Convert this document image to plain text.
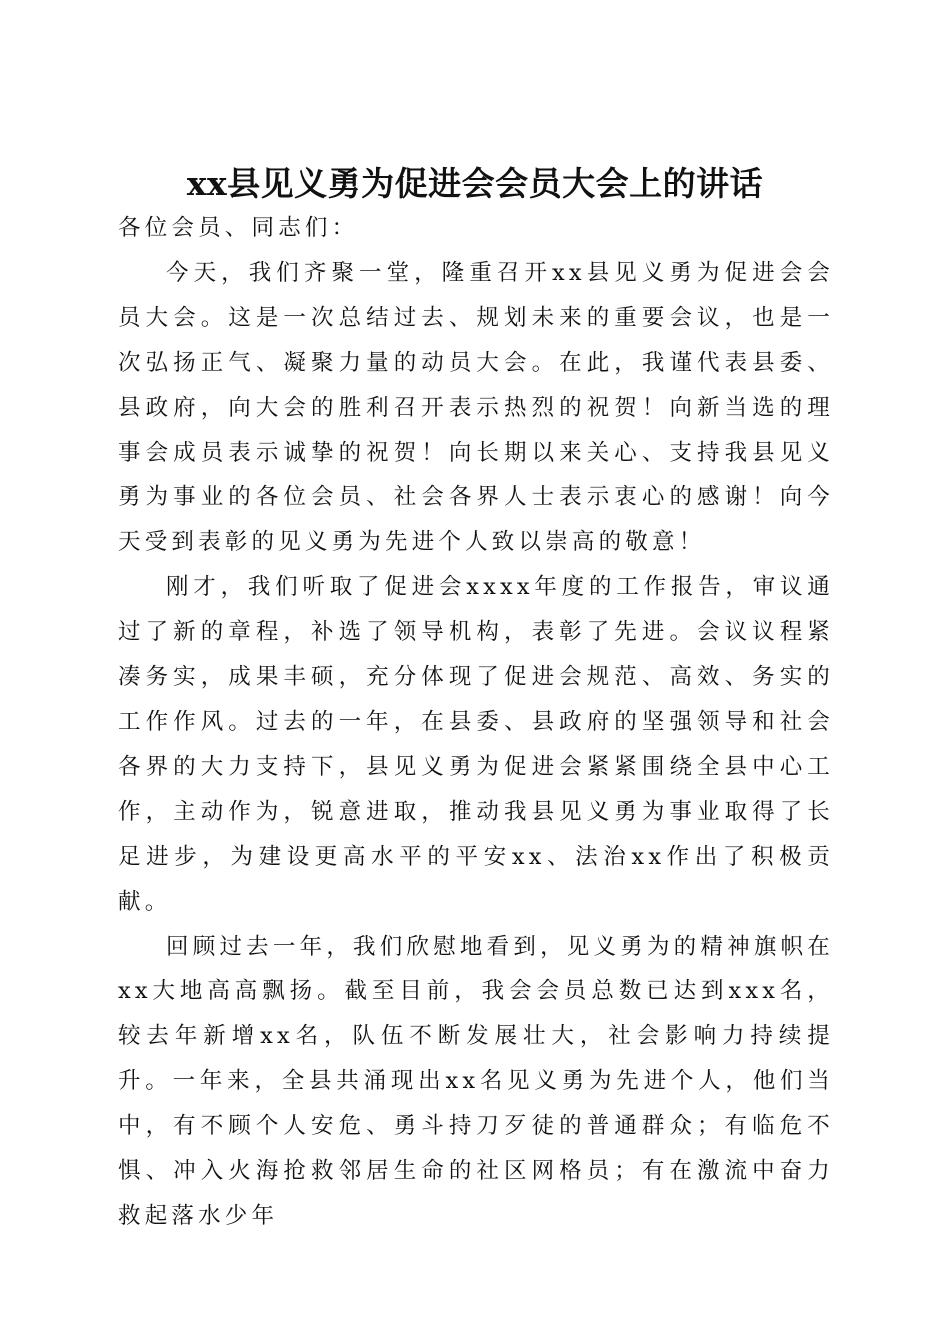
xx县见义勇为促进会会员大会上的讲话

各位会员、同志们：

今天，我们齐聚一堂，隆重召开xx县见义勇为促进会会员大会。这是一次总结过去、规划未来的重要会议，也是一次弘扬正气、凝聚力量的动员大会。在此，我谨代表县委、县政府，向大会的胜利召开表示热烈的祝贺！向新当选的理事会成员表示诚挚的祝贺！向长期以来关心、支持我县见义勇为事业的各位会员、社会各界人士表示衷心的感谢！向今天受到表彰的见义勇为先进个人致以崇高的敬意！

刚才，我们听取了促进会xxxx年度的工作报告，审议通过了新的章程，补选了领导机构，表彰了先进。会议议程紧凑务实，成果丰硕，充分体现了促进会规范、高效、务实的工作作风。过去的一年，在县委、县政府的坚强领导和社会各界的大力支持下，县见义勇为促进会紧紧围绕全县中心工作，主动作为，锐意进取，推动我县见义勇为事业取得了长足进步，为建设更高水平的平安xx、法治xx作出了积极贡献。

回顾过去一年，我们欣慰地看到，见义勇为的精神旗帜在xx大地高高飘扬。截至目前，我会会员总数已达到xxx名，较去年新增xx名，队伍不断发展壮大，社会影响力持续提升。一年来，全县共涌现出xx名见义勇为先进个人，他们当中，有不顾个人安危、勇斗持刀歹徒的普通群众；有临危不惧、冲入火海抢救邻居生命的社区网格员；有在激流中奋力救起落水少年
